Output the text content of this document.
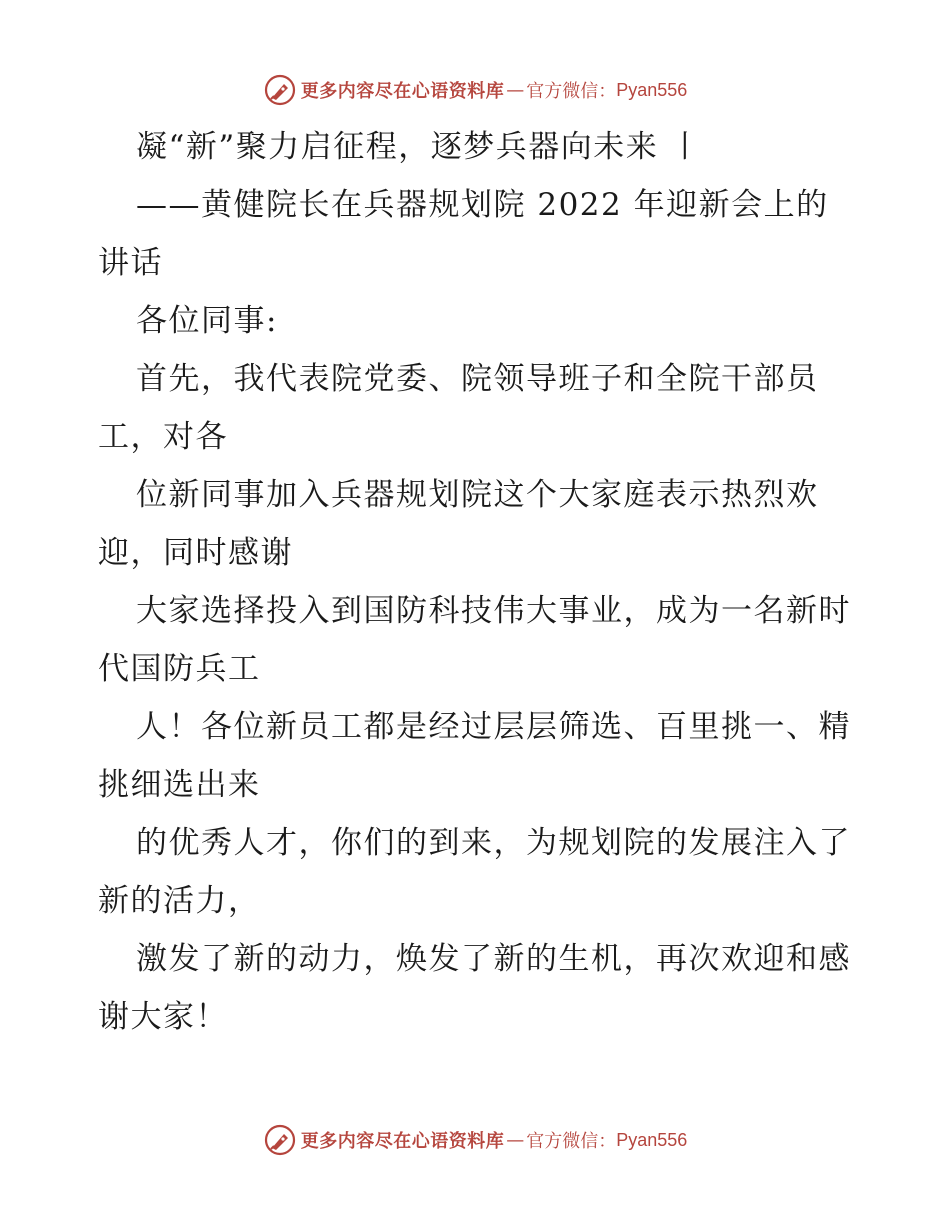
更多内容尽在心语资料库 — 官方微信： Pyan556

凝“新”聚力启征程，逐梦兵器向未来 丨

——黄健院长在兵器规划院 2022 年迎新会上的讲话

各位同事:

首先，我代表院党委、院领导班子和全院干部员工，对各

位新同事加入兵器规划院这个大家庭表示热烈欢迎，同时感谢

大家选择投入到国防科技伟大事业，成为一名新时代国防兵工

人！各位新员工都是经过层层筛选、百里挑一、精挑细选出来

的优秀人才，你们的到来，为规划院的发展注入了新的活力，

激发了新的动力，焕发了新的生机，再次欢迎和感谢大家！

更多内容尽在心语资料库 — 官方微信： Pyan556
